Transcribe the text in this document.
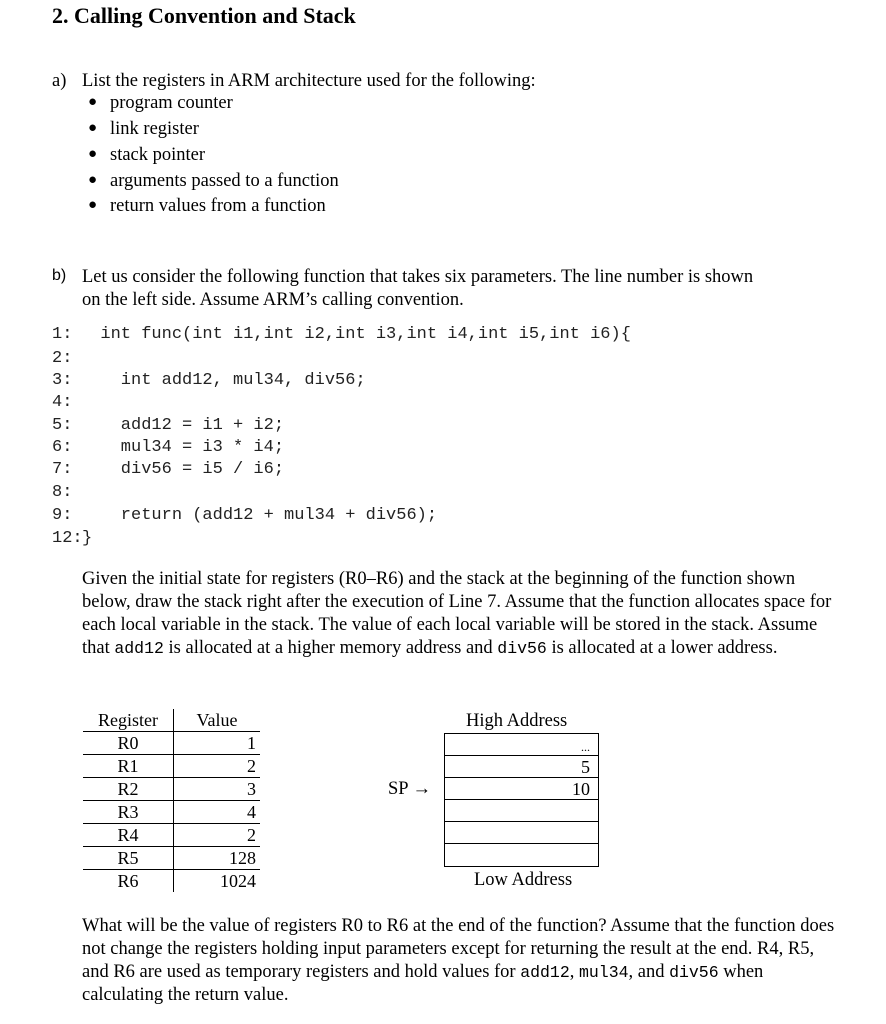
2. Calling Convention and Stack
a) List the registers in ARM architecture used for the following:
● program counter
● link register
● stack pointer
● arguments passed to a function
● return values from a function
b) Let us consider the following function that takes six parameters. The line number is shown
on the left side. Assume ARM’s calling convention.
1: int func(int i1,int i2,int i3,int i4,int i5,int i6){
2:
3: int add12, mul34, div56;
4:
5: add12 = i1 + i2;
6: mul34 = i3 * i4;
7: div56 = i5 / i6;
8:
9: return (add12 + mul34 + div56);
12: }
Given the initial state for registers (R0–R6) and the stack at the beginning of the function shown below, draw the stack right after the execution of Line 7. Assume that the function allocates space for each local variable in the stack. The value of each local variable will be stored in the stack. Assume that add12 is allocated at a higher memory address and div56 is allocated at a lower address.
Register	Value
R0	1
R1	2
R2	3
R3	4
R4	2
R5	128
R6	1024
High Address
...
5
10
SP →
Low Address
What will be the value of registers R0 to R6 at the end of the function? Assume that the function does not change the registers holding input parameters except for returning the result at the end. R4, R5, and R6 are used as temporary registers and hold values for add12, mul34, and div56 when calculating the return value.
